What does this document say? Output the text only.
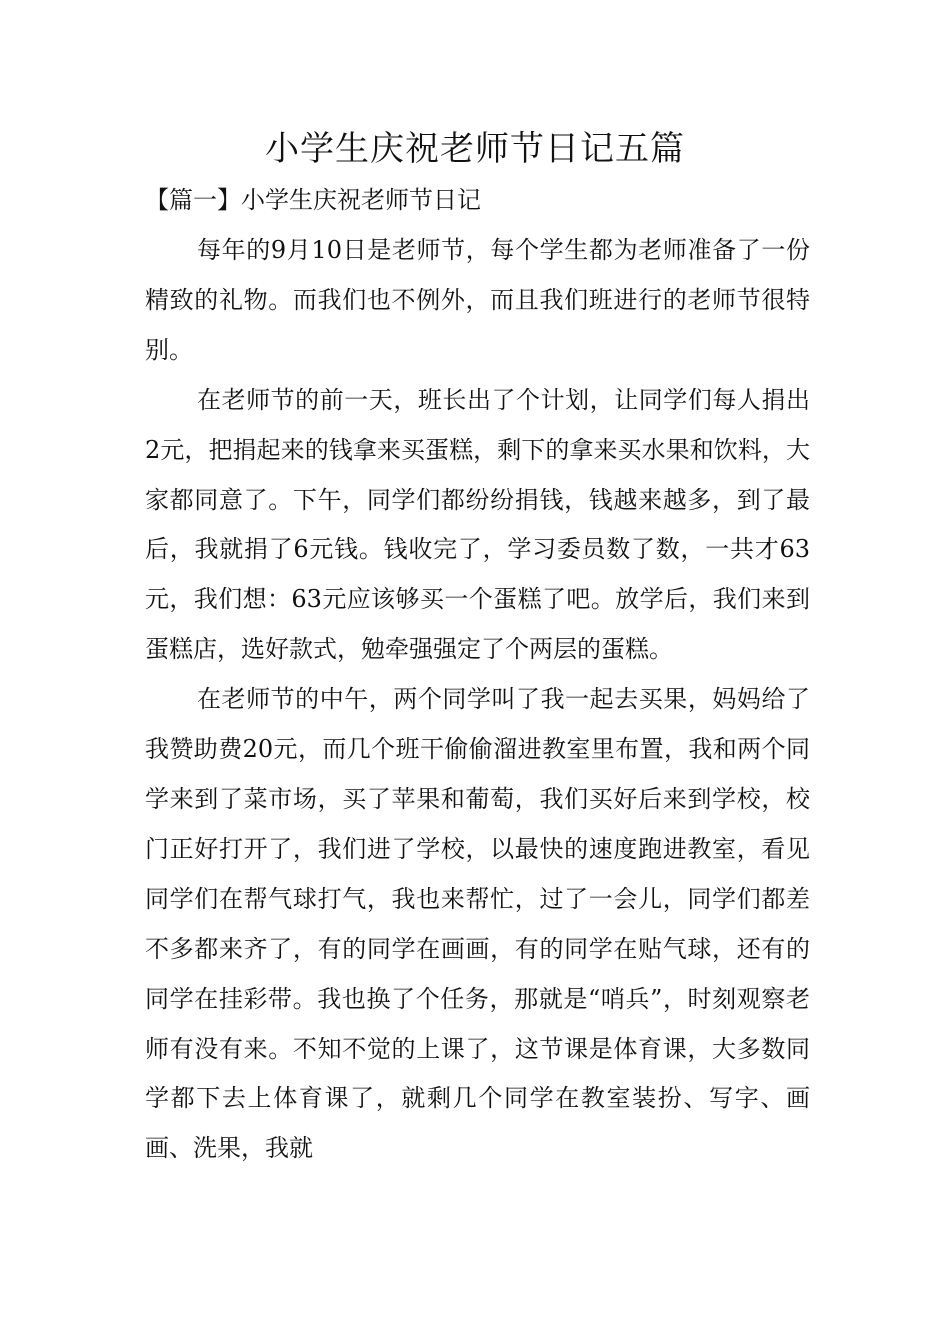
小学生庆祝老师节日记五篇
【篇一】小学生庆祝老师节日记

每年的9月10日是老师节，每个学生都为老师准备了一份精致的礼物。而我们也不例外，而且我们班进行的老师节很特别。

在老师节的前一天，班长出了个计划，让同学们每人捐出2元，把捐起来的钱拿来买蛋糕，剩下的拿来买水果和饮料，大家都同意了。下午，同学们都纷纷捐钱，钱越来越多，到了最后，我就捐了6元钱。钱收完了，学习委员数了数，一共才63元，我们想：63元应该够买一个蛋糕了吧。放学后，我们来到蛋糕店，选好款式，勉牵强强定了个两层的蛋糕。

在老师节的中午，两个同学叫了我一起去买果，妈妈给了我赞助费20元，而几个班干偷偷溜进教室里布置，我和两个同学来到了菜市场，买了苹果和葡萄，我们买好后来到学校，校门正好打开了，我们进了学校，以最快的速度跑进教室，看见同学们在帮气球打气，我也来帮忙，过了一会儿，同学们都差不多都来齐了，有的同学在画画，有的同学在贴气球，还有的同学在挂彩带。我也换了个任务，那就是“哨兵”，时刻观察老师有没有来。不知不觉的上课了，这节课是体育课，大多数同学都下去上体育课了，就剩几个同学在教室装扮、写字、画画、洗果，我就
